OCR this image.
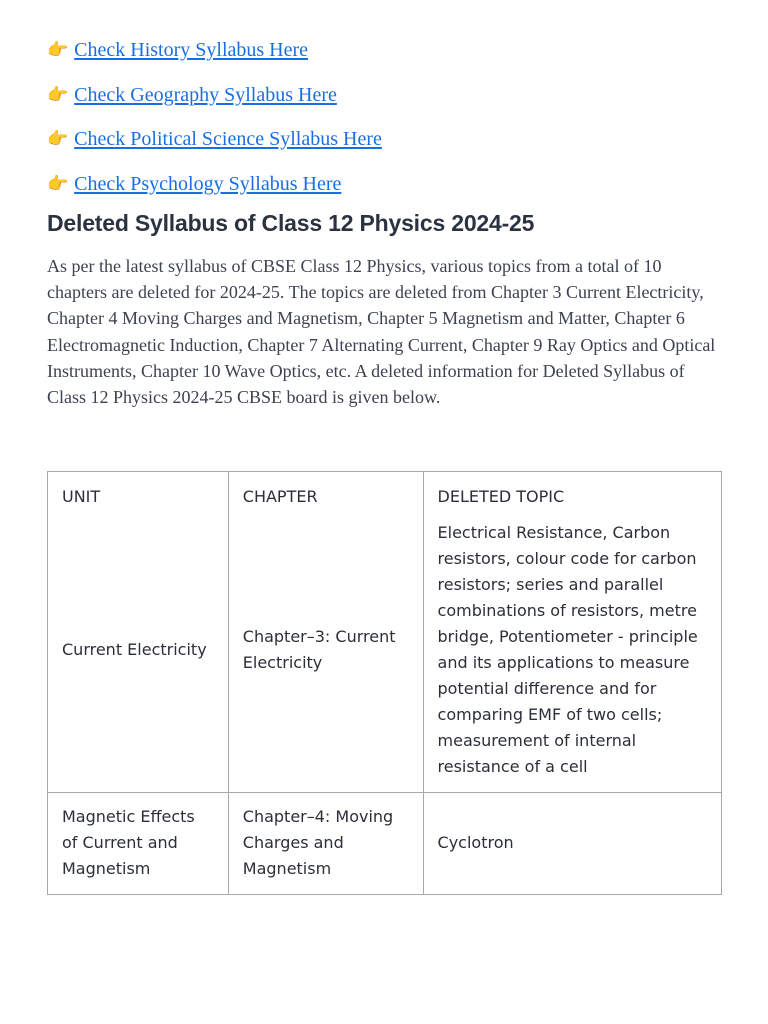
👉 Check History Syllabus Here
👉 Check Geography Syllabus Here
👉 Check Political Science Syllabus Here
👉 Check Psychology Syllabus Here
Deleted Syllabus of Class 12 Physics 2024-25

As per the latest syllabus of CBSE Class 12 Physics, various topics from a total of 10 chapters are deleted for 2024-25. The topics are deleted from Chapter 3 Current Electricity, Chapter 4 Moving Charges and Magnetism, Chapter 5 Magnetism and Matter, Chapter 6 Electromagnetic Induction, Chapter 7 Alternating Current, Chapter 9 Ray Optics and Optical Instruments, Chapter 10 Wave Optics, etc. A deleted information for Deleted Syllabus of Class 12 Physics 2024-25 CBSE board is given below.

UNIT	CHAPTER	DELETED TOPIC
Current Electricity	Chapter–3: Current Electricity	Electrical Resistance, Carbon resistors, colour code for carbon resistors; series and parallel combinations of resistors, metre bridge, Potentiometer - principle and its applications to measure potential difference and for comparing EMF of two cells; measurement of internal resistance of a cell
Magnetic Effects of Current and Magnetism	Chapter–4: Moving Charges and Magnetism	Cyclotron
